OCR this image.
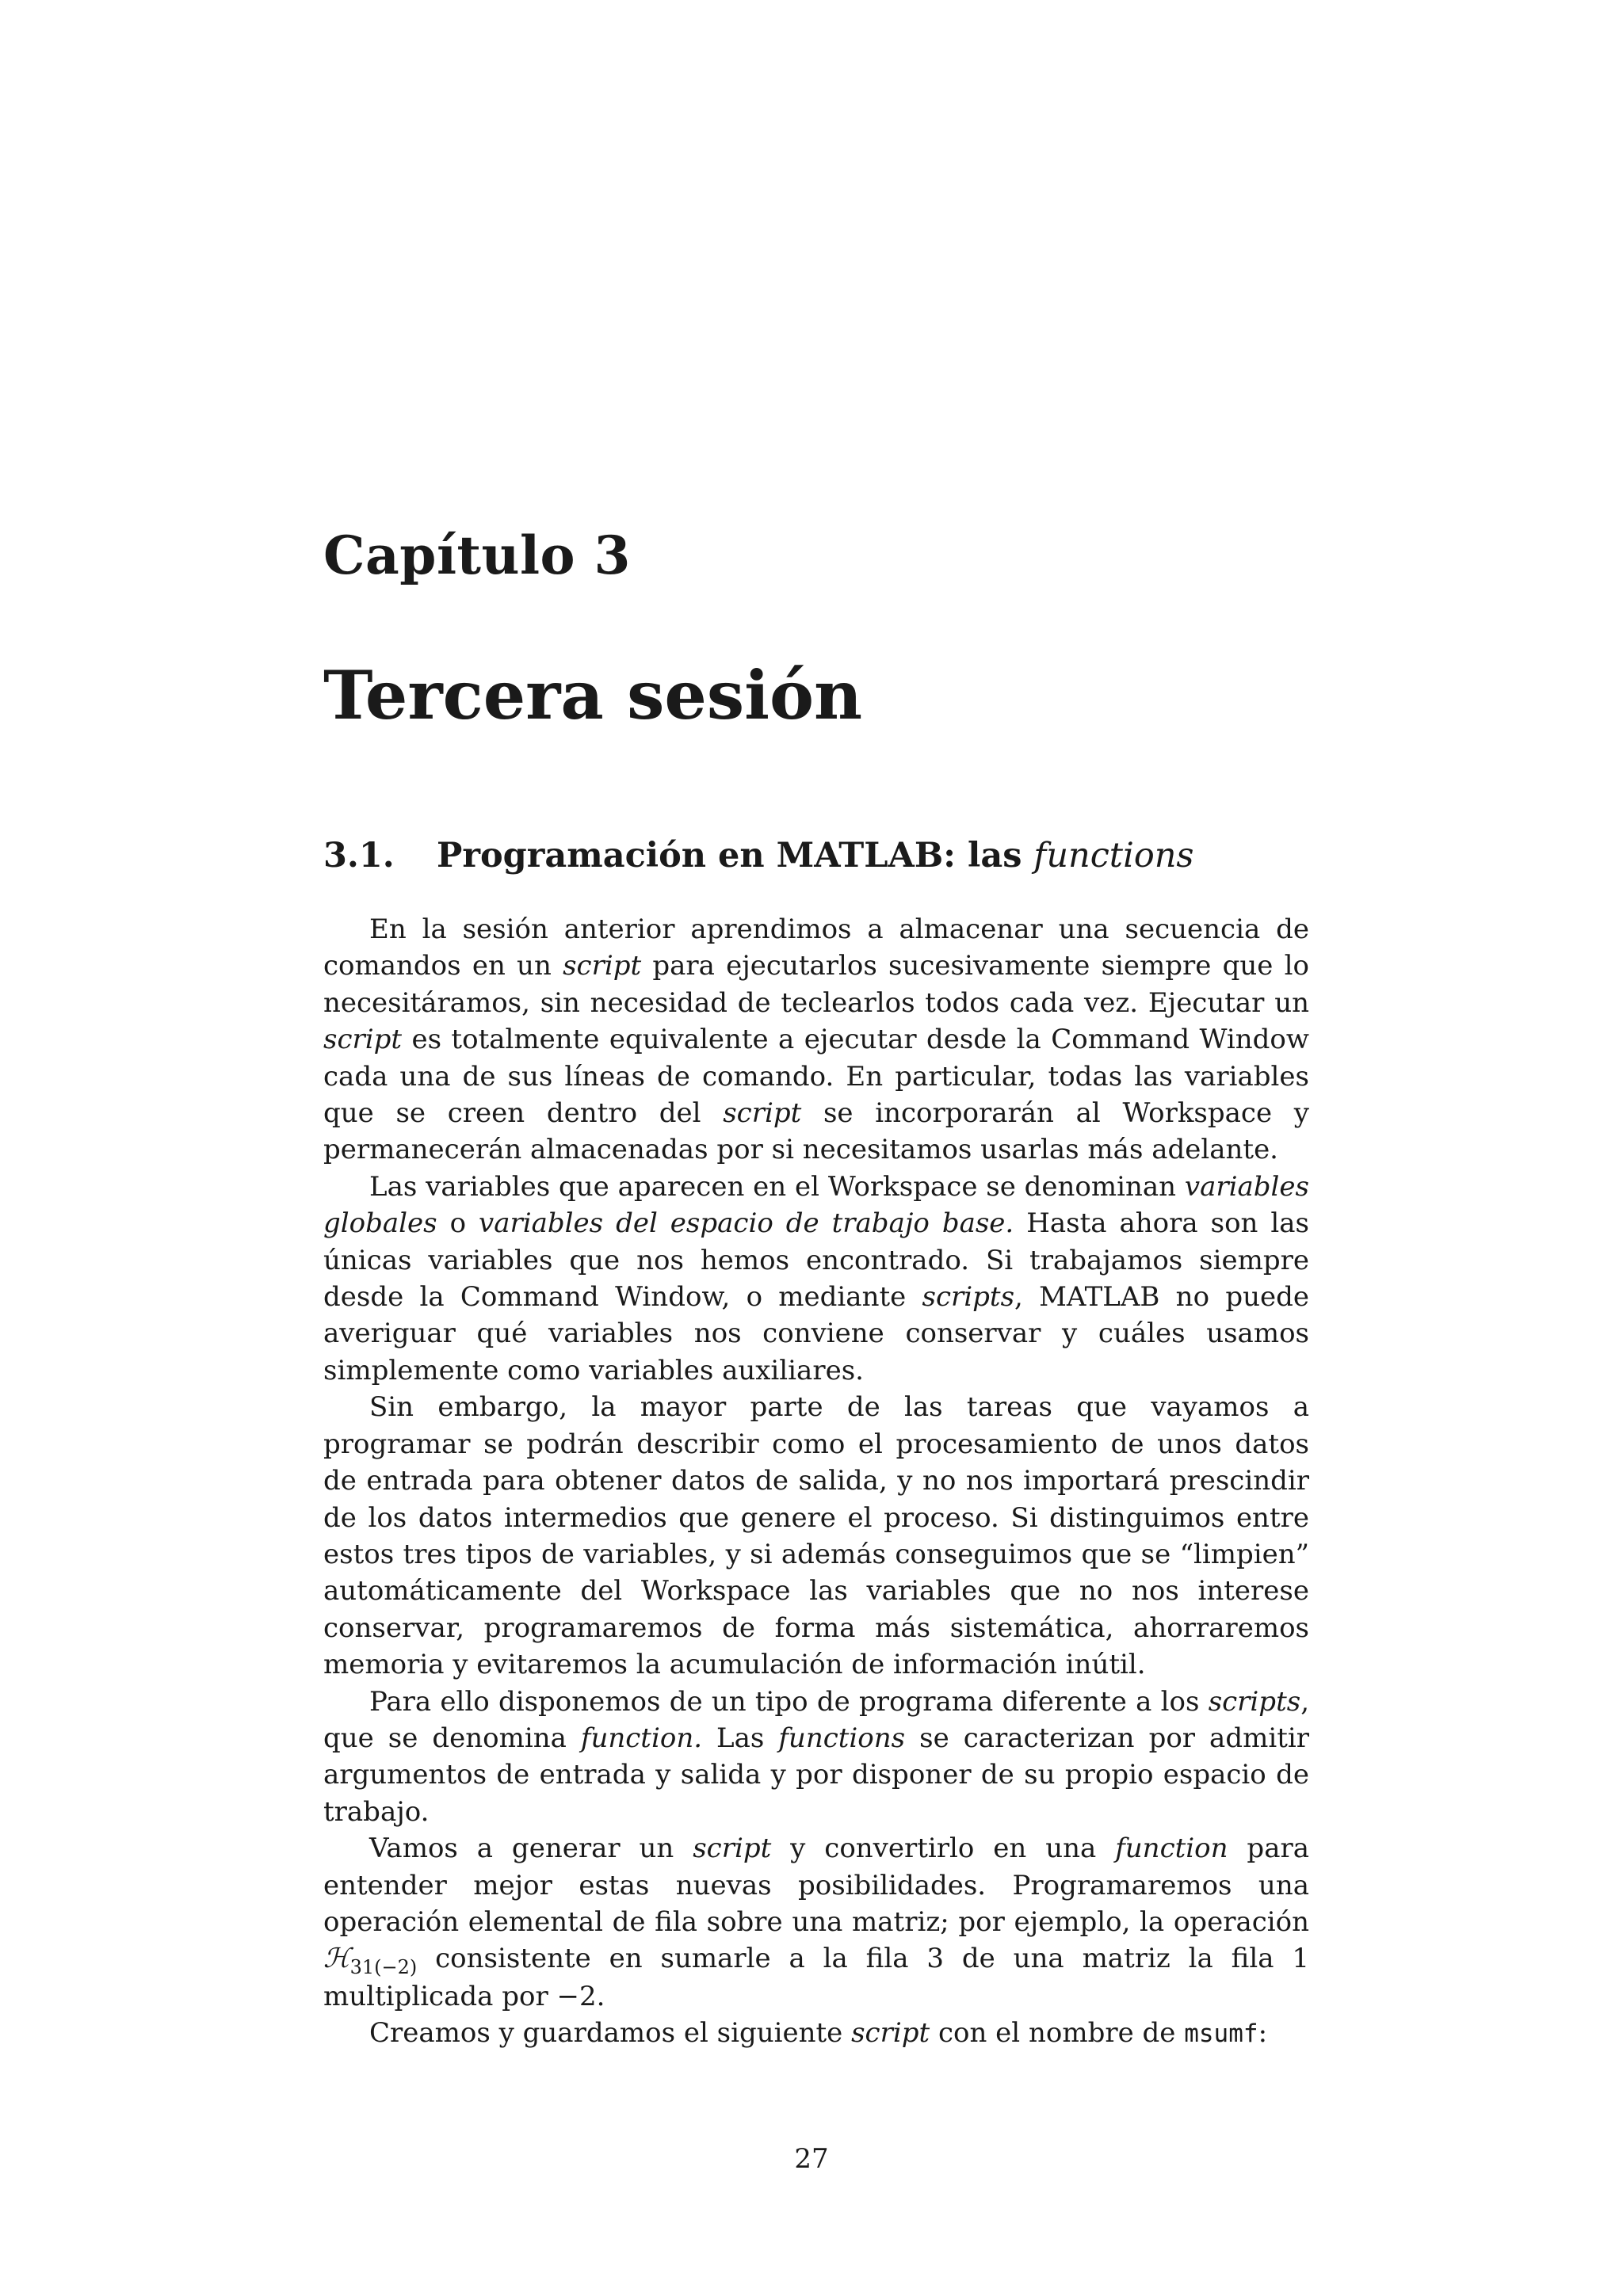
Capítulo 3
Tercera sesión
3.1. Programación en MATLAB: las functions

En la sesión anterior aprendimos a almacenar una secuencia de comandos en un script para ejecutarlos sucesivamente siempre que lo necesitáramos, sin necesidad de teclearlos todos cada vez. Ejecutar un script es totalmente equivalente a ejecutar desde la Command Window cada una de sus líneas de comando. En particular, todas las variables que se creen dentro del script se incorporarán al Workspace y permanecerán almacenadas por si necesitamos usarlas más adelante.

Las variables que aparecen en el Workspace se denominan variables globales o variables del espacio de trabajo base. Hasta ahora son las únicas variables que nos hemos encontrado. Si trabajamos siempre desde la Command Window, o mediante scripts, MATLAB no puede averiguar qué variables nos conviene conservar y cuáles usamos simplemente como variables auxiliares.

Sin embargo, la mayor parte de las tareas que vayamos a programar se podrán describir como el procesamiento de unos datos de entrada para obtener datos de salida, y no nos importará prescindir de los datos intermedios que genere el proceso. Si distinguimos entre estos tres tipos de variables, y si además conseguimos que se “limpien” automáticamente del Workspace las variables que no nos interese conservar, programaremos de forma más sistemática, ahorraremos memoria y evitaremos la acumulación de información inútil.

Para ello disponemos de un tipo de programa diferente a los scripts, que se denomina function. Las functions se caracterizan por admitir argumentos de entrada y salida y por disponer de su propio espacio de trabajo.

Vamos a generar un script y convertirlo en una function para entender mejor estas nuevas posibilidades. Programaremos una operación elemental de fila sobre una matriz; por ejemplo, la operación ℋ$_{31(-2)}$ consistente en sumarle a la fila 3 de una matriz la fila 1 multiplicada por −2.

Creamos y guardamos el siguiente script con el nombre de msumf:

27
